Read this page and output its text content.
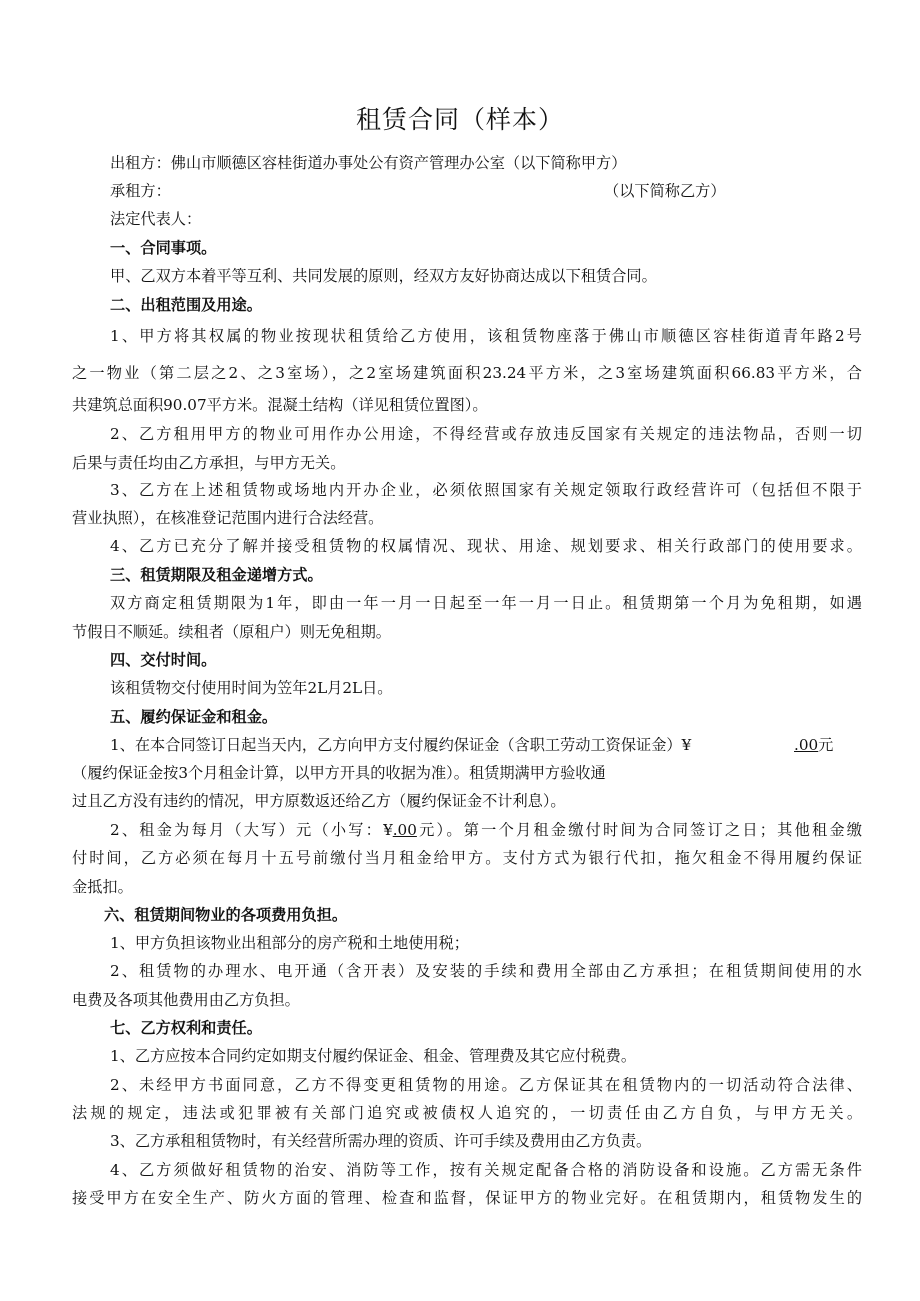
租赁合同（样本）
出租方：佛山市顺德区容桂街道办事处公有资产管理办公室（以下简称甲方）
承租方：	（以下简称乙方）
法定代表人：
一、合同事项。
甲、乙双方本着平等互利、共同发展的原则，经双方友好协商达成以下租赁合同。
二、出租范围及用途。
1、甲方将其权属的物业按现状租赁给乙方使用，该租赁物座落于佛山市顺德区容桂街道青年路2号
之一物业（第二层之2、之3室场），之2室场建筑面积23.24平方米，之3室场建筑面积66.83平方米，合
共建筑总面积90.07平方米。混凝土结构（详见租赁位置图）。
2、乙方租用甲方的物业可用作办公用途，不得经营或存放违反国家有关规定的违法物品，否则一切
后果与责任均由乙方承担，与甲方无关。
3、乙方在上述租赁物或场地内开办企业，必须依照国家有关规定领取行政经营许可（包括但不限于
营业执照），在核准登记范围内进行合法经营。
4、乙方已充分了解并接受租赁物的权属情况、现状、用途、规划要求、相关行政部门的使用要求。
三、租赁期限及租金递增方式。
双方商定租赁期限为1年，即由一年一月一日起至一年一月一日止。租赁期第一个月为免租期，如遇
节假日不顺延。续租者（原租户）则无免租期。
四、交付时间。
该租赁物交付使用时间为笠年2L月2L日。
五、履约保证金和租金。
1、在本合同签订日起当天内，乙方向甲方支付履约保证金（含职工劳动工资保证金）¥	.00元
（履约保证金按3个月租金计算，以甲方开具的收据为准）。租赁期满甲方验收通
过且乙方没有违约的情况，甲方原数返还给乙方（履约保证金不计利息）。
2、租金为每月（大写）元（小写：¥.00元）。第一个月租金缴付时间为合同签订之日；其他租金缴
付时间，乙方必须在每月十五号前缴付当月租金给甲方。支付方式为银行代扣，拖欠租金不得用履约保证
金抵扣。
六、租赁期间物业的各项费用负担。
1、甲方负担该物业出租部分的房产税和土地使用税；
2、租赁物的办理水、电开通（含开表）及安装的手续和费用全部由乙方承担；在租赁期间使用的水
电费及各项其他费用由乙方负担。
七、乙方权利和责任。
1、乙方应按本合同约定如期支付履约保证金、租金、管理费及其它应付税费。
2、未经甲方书面同意，乙方不得变更租赁物的用途。乙方保证其在租赁物内的一切活动符合法律、
法规的规定，违法或犯罪被有关部门追究或被债权人追究的，一切责任由乙方自负，与甲方无关。
3、乙方承租租赁物时，有关经营所需办理的资质、许可手续及费用由乙方负责。
4、乙方须做好租赁物的治安、消防等工作，按有关规定配备合格的消防设备和设施。乙方需无条件
接受甲方在安全生产、防火方面的管理、检查和监督，保证甲方的物业完好。在租赁期内，租赁物发生的
